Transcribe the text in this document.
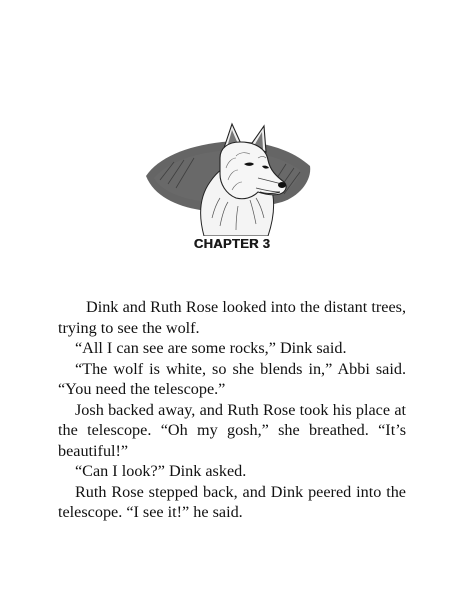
CHAPTER 3

Dink and Ruth Rose looked into the distant trees, trying to see the wolf.

“All I can see are some rocks,” Dink said.

“The wolf is white, so she blends in,” Abbi said. “You need the telescope.”

Josh backed away, and Ruth Rose took his place at the telescope. “Oh my gosh,” she breathed. “It’s beautiful!”

“Can I look?” Dink asked.

Ruth Rose stepped back, and Dink peered into the telescope. “I see it!” he said.
